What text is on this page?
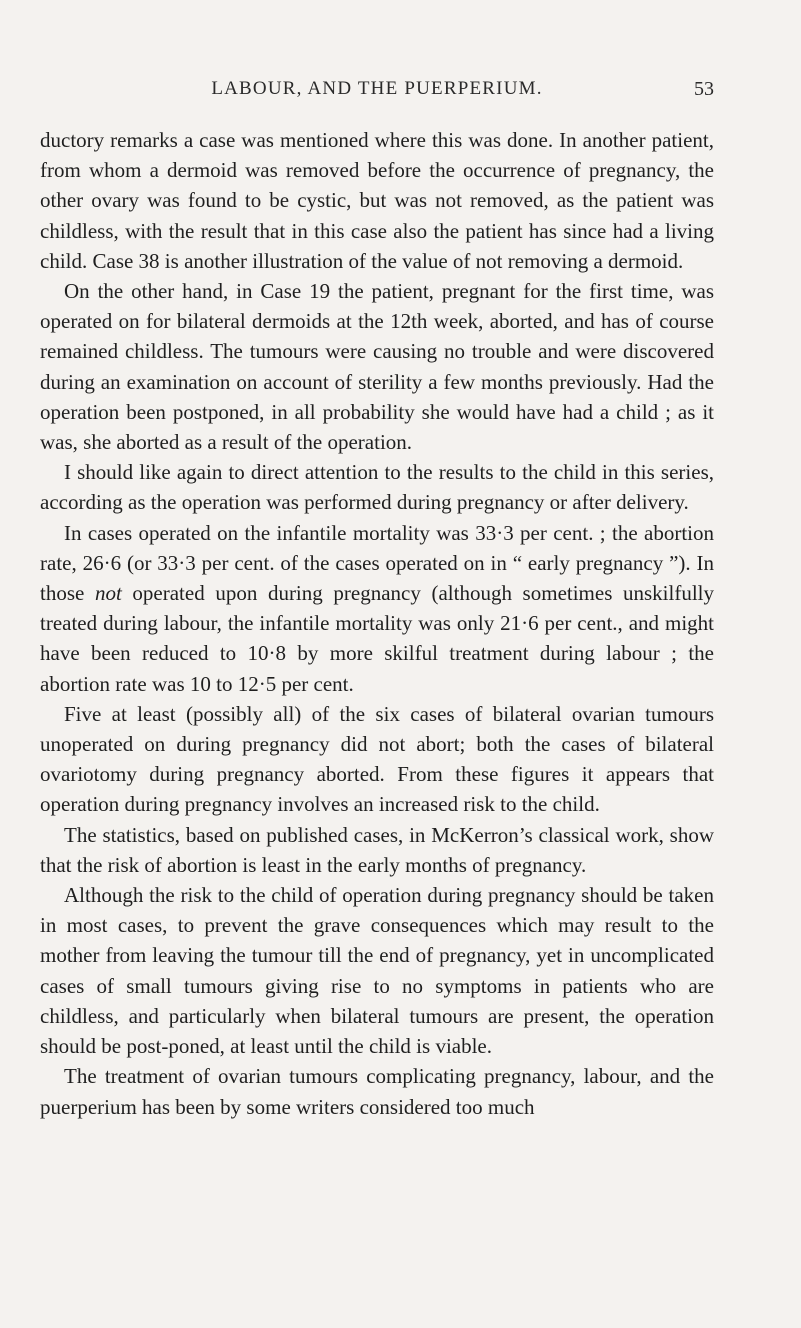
LABOUR, AND THE PUERPERIUM.	53

ductory remarks a case was mentioned where this was done. In another patient, from whom a dermoid was removed before the occurrence of pregnancy, the other ovary was found to be cystic, but was not removed, as the patient was childless, with the result that in this case also the patient has since had a living child. Case 38 is another illustration of the value of not removing a dermoid.

On the other hand, in Case 19 the patient, pregnant for the first time, was operated on for bilateral dermoids at the 12th week, aborted, and has of course remained childless. The tumours were causing no trouble and were discovered during an examination on account of sterility a few months previously. Had the operation been postponed, in all probability she would have had a child ; as it was, she aborted as a result of the operation.

I should like again to direct attention to the results to the child in this series, according as the operation was performed during pregnancy or after delivery.

In cases operated on the infantile mortality was 33·3 per cent. ; the abortion rate, 26·6 (or 33·3 per cent. of the cases operated on in “ early pregnancy ”). In those not operated upon during pregnancy (although sometimes unskilfully treated during labour, the infantile mortality was only 21·6 per cent., and might have been reduced to 10·8 by more skilful treatment during labour ; the abortion rate was 10 to 12·5 per cent.

Five at least (possibly all) of the six cases of bilateral ovarian tumours unoperated on during pregnancy did not abort; both the cases of bilateral ovariotomy during pregnancy aborted. From these figures it appears that operation during pregnancy involves an increased risk to the child.

The statistics, based on published cases, in McKerron’s classical work, show that the risk of abortion is least in the early months of pregnancy.

Although the risk to the child of operation during pregnancy should be taken in most cases, to prevent the grave consequences which may result to the mother from leaving the tumour till the end of pregnancy, yet in uncomplicated cases of small tumours giving rise to no symptoms in patients who are childless, and particularly when bilateral tumours are present, the operation should be post-poned, at least until the child is viable.

The treatment of ovarian tumours complicating pregnancy, labour, and the puerperium has been by some writers considered too much
